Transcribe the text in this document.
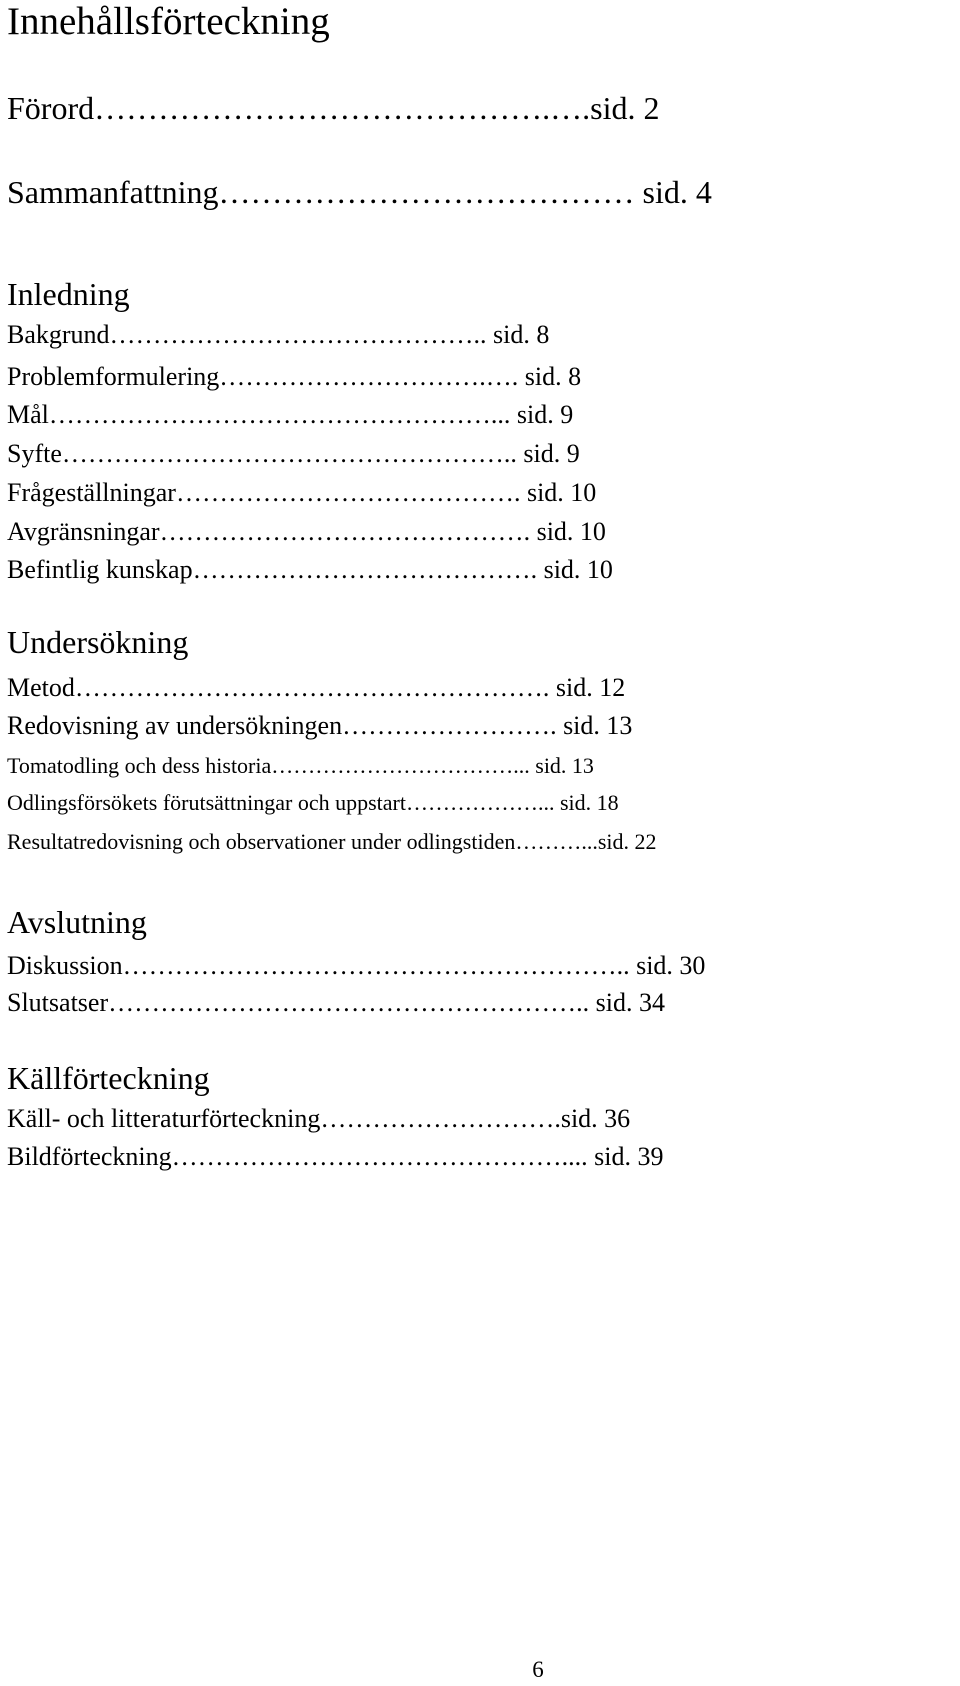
Innehållsförteckning
Förord…………………………………….….sid. 2
Sammanfattning………………………………… sid. 4
Inledning
Bakgrund…………………………………….. sid. 8
Problemformulering………………………….…. sid. 8
Mål……………………………………………... sid. 9
Syfte…………………………………………….. sid. 9
Frågeställningar…………………………………. sid. 10
Avgränsningar……………………………………. sid. 10
Befintlig kunskap…………………………………. sid. 10
Undersökning
Metod………………………………………………. sid. 12
Redovisning av undersökningen……………………. sid. 13
Tomatodling och dess historia……………………………... sid. 13
Odlingsförsökets förutsättningar och uppstart………………... sid. 18
Resultatredovisning och observationer under odlingstiden………...sid. 22
Avslutning
Diskussion………………………………………………….. sid. 30
Slutsatser……………………………………………….. sid. 34
Källförteckning
Käll- och litteraturförteckning……………………….sid. 36
Bildförteckning……………………………………….... sid. 39
6
